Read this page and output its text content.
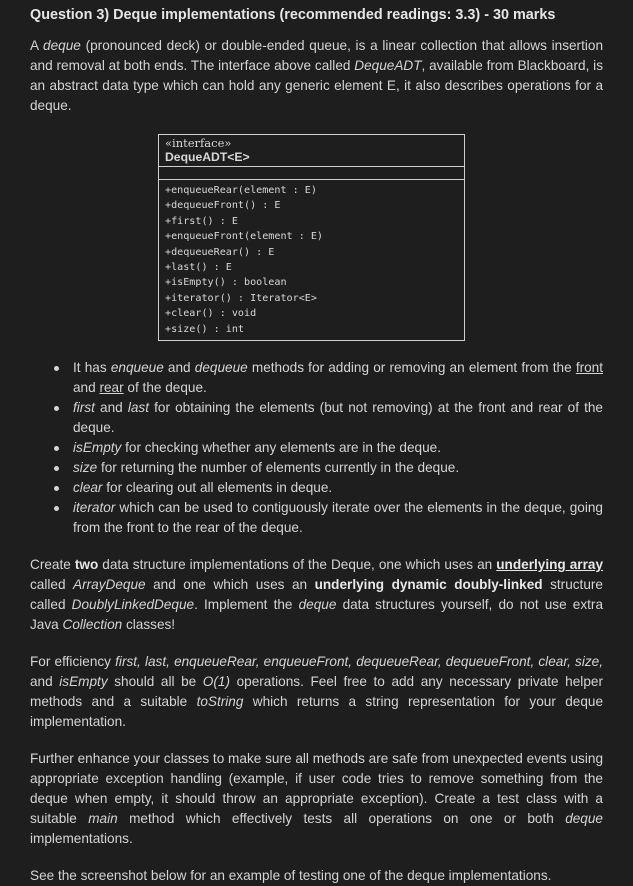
Question 3) Deque implementations (recommended readings: 3.3) - 30 marks

A deque (pronounced deck) or double-ended queue, is a linear collection that allows insertion and removal at both ends. The interface above called DequeADT, available from Blackboard, is an abstract data type which can hold any generic element E, it also describes operations for a deque.

«interface»
DequeADT<E>
+enqueueRear(element : E)
+dequeueFront() : E
+first() : E
+enqueueFront(element : E)
+dequeueRear() : E
+last() : E
+isEmpty() : boolean
+iterator() : Iterator<E>
+clear() : void
+size() : int
It has enqueue and dequeue methods for adding or removing an element from the front and rear of the deque.
first and last for obtaining the elements (but not removing) at the front and rear of the deque.
isEmpty for checking whether any elements are in the deque.
size for returning the number of elements currently in the deque.
clear for clearing out all elements in deque.
iterator which can be used to contiguously iterate over the elements in the deque, going from the front to the rear of the deque.

Create two data structure implementations of the Deque, one which uses an underlying array called ArrayDeque and one which uses an underlying dynamic doubly-linked structure called DoublyLinkedDeque. Implement the deque data structures yourself, do not use extra Java Collection classes!

For efficiency first, last, enqueueRear, enqueueFront, dequeueRear, dequeueFront, clear, size, and isEmpty should all be O(1) operations. Feel free to add any necessary private helper methods and a suitable toString which returns a string representation for your deque implementation.

Further enhance your classes to make sure all methods are safe from unexpected events using appropriate exception handling (example, if user code tries to remove something from the deque when empty, it should throw an appropriate exception). Create a test class with a suitable main method which effectively tests all operations on one or both deque implementations.

See the screenshot below for an example of testing one of the deque implementations.
